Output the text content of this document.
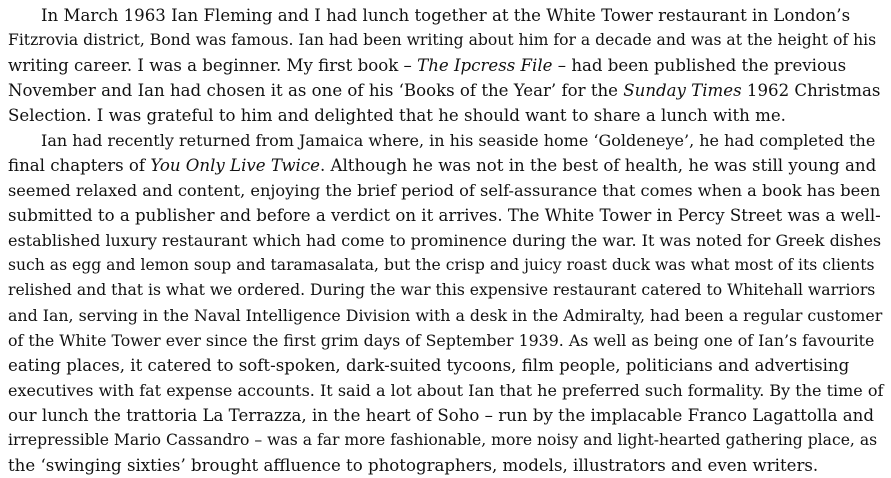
In March 1963 Ian Fleming and I had lunch together at the White Tower restaurant in London’s
Fitzrovia district, Bond was famous. Ian had been writing about him for a decade and was at the height of his
writing career. I was a beginner. My first book – The Ipcress File – had been published the previous
November and Ian had chosen it as one of his ‘Books of the Year’ for the Sunday Times 1962 Christmas
Selection. I was grateful to him and delighted that he should want to share a lunch with me.
Ian had recently returned from Jamaica where, in his seaside home ‘Goldeneye’, he had completed the
final chapters of You Only Live Twice. Although he was not in the best of health, he was still young and
seemed relaxed and content, enjoying the brief period of self-assurance that comes when a book has been
submitted to a publisher and before a verdict on it arrives. The White Tower in Percy Street was a well-
established luxury restaurant which had come to prominence during the war. It was noted for Greek dishes
such as egg and lemon soup and taramasalata, but the crisp and juicy roast duck was what most of its clients
relished and that is what we ordered. During the war this expensive restaurant catered to Whitehall warriors
and Ian, serving in the Naval Intelligence Division with a desk in the Admiralty, had been a regular customer
of the White Tower ever since the first grim days of September 1939. As well as being one of Ian’s favourite
eating places, it catered to soft-spoken, dark-suited tycoons, film people, politicians and advertising
executives with fat expense accounts. It said a lot about Ian that he preferred such formality. By the time of
our lunch the trattoria La Terrazza, in the heart of Soho – run by the implacable Franco Lagattolla and
irrepressible Mario Cassandro – was a far more fashionable, more noisy and light-hearted gathering place, as
the ‘swinging sixties’ brought affluence to photographers, models, illustrators and even writers.
